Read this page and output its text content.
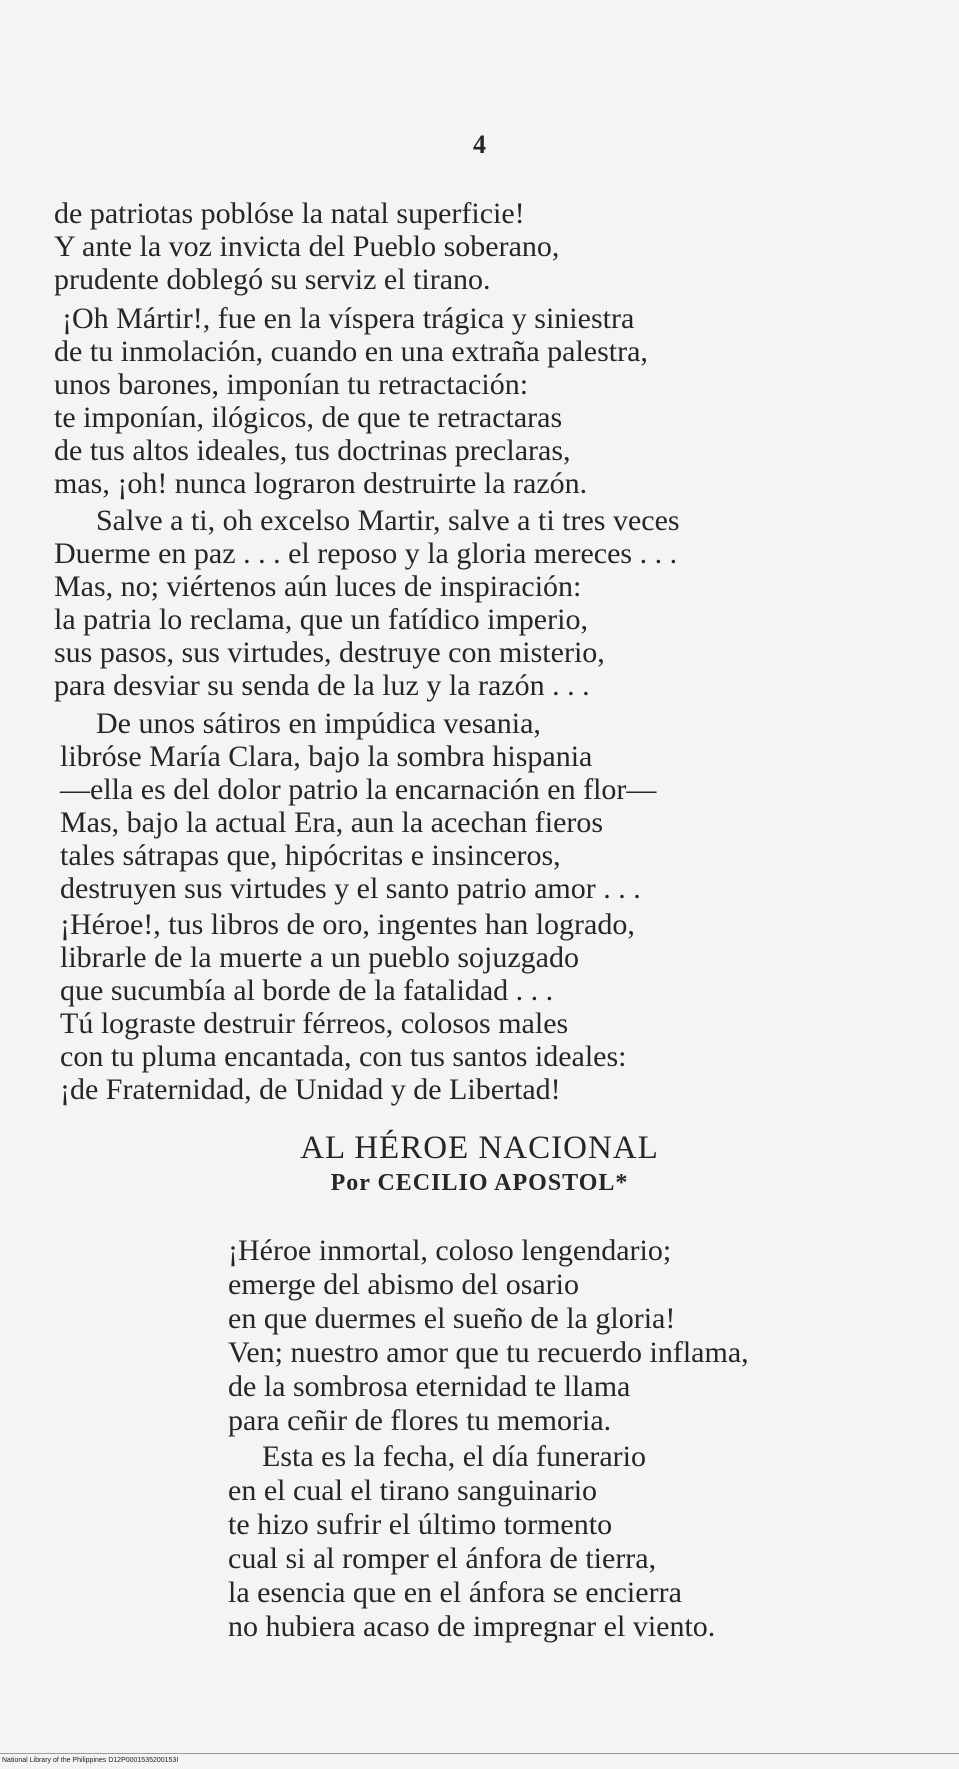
4
de patriotas poblóse la natal superficie!
Y ante la voz invicta del Pueblo soberano,
prudente doblegó su serviz el tirano.
¡Oh Mártir!, fue en la víspera trágica y siniestra
de tu inmolación, cuando en una extraña palestra,
unos barones, imponían tu retractación:
te imponían, ilógicos, de que te retractaras
de tus altos ideales, tus doctrinas preclaras,
mas, ¡oh! nunca lograron destruirte la razón.
Salve a ti, oh excelso Martir, salve a ti tres veces
Duerme en paz . . . el reposo y la gloria mereces . . .
Mas, no; viértenos aún luces de inspiración:
la patria lo reclama, que un fatídico imperio,
sus pasos, sus virtudes, destruye con misterio,
para desviar su senda de la luz y la razón . . .
De unos sátiros en impúdica vesania,
libróse María Clara, bajo la sombra hispania
—ella es del dolor patrio la encarnación en flor—
Mas, bajo la actual Era, aun la acechan fieros
tales sátrapas que, hipócritas e insinceros,
destruyen sus virtudes y el santo patrio amor . . .
¡Héroe!, tus libros de oro, ingentes han logrado,
librarle de la muerte a un pueblo sojuzgado
que sucumbía al borde de la fatalidad . . .
Tú lograste destruir férreos, colosos males
con tu pluma encantada, con tus santos ideales:
¡de Fraternidad, de Unidad y de Libertad!
AL HÉROE NACIONAL
Por CECILIO APOSTOL*
¡Héroe inmortal, coloso lengendario;
emerge del abismo del osario
en que duermes el sueño de la gloria!
Ven; nuestro amor que tu recuerdo inflama,
de la sombrosa eternidad te llama
para ceñir de flores tu memoria.
Esta es la fecha, el día funerario
en el cual el tirano sanguinario
te hizo sufrir el último tormento
cual si al romper el ánfora de tierra,
la esencia que en el ánfora se encierra
no hubiera acaso de impregnar el viento.
National Library of the Philippines D12P0001535200153I
